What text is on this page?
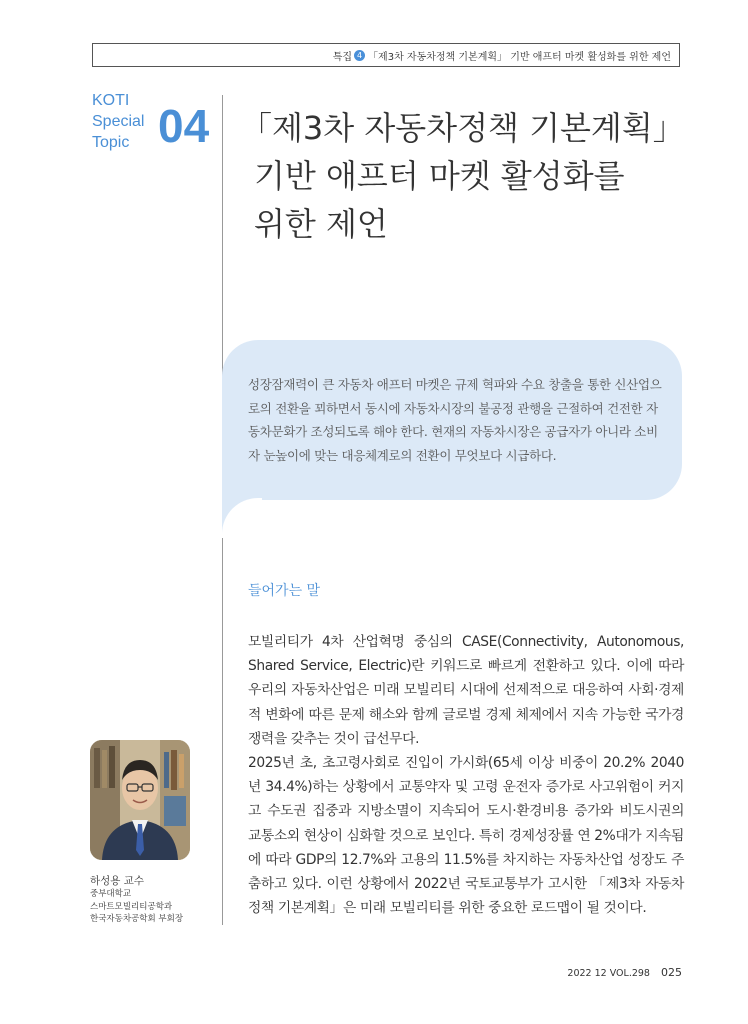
특집 4 「제3차 자동차정책 기본계획」 기반 애프터 마켓 활성화를 위한 제언
KOTI
Special
Topic 04 「제3차 자동차정책 기본계획」
기반 애프터 마켓 활성화를
위한 제언
성장잠재력이 큰 자동차 애프터 마켓은 규제 혁파와 수요 창출을 통한 신산업으로의 전환을 꾀하면서 동시에 자동차시장의 불공정 관행을 근절하여 건전한 자동차문화가 조성되도록 해야 한다. 현재의 자동차시장은 공급자가 아니라 소비자 눈높이에 맞는 대응체계로의 전환이 무엇보다 시급하다.
들어가는 말

모빌리티가 4차 산업혁명 중심의 CASE(Connectivity, Autonomous, Shared Service, Electric)란 키워드로 빠르게 전환하고 있다. 이에 따라 우리의 자동차산업은 미래 모빌리티 시대에 선제적으로 대응하여 사회·경제적 변화에 따른 문제 해소와 함께 글로벌 경제 체제에서 지속 가능한 국가경쟁력을 갖추는 것이 급선무다.

2025년 초, 초고령사회로 진입이 가시화(65세 이상 비중이 20.2% 2040년 34.4%)하는 상황에서 교통약자 및 고령 운전자 증가로 사고위험이 커지고 수도권 집중과 지방소멸이 지속되어 도시·환경비용 증가와 비도시권의 교통소외 현상이 심화할 것으로 보인다. 특히 경제성장률 연 2%대가 지속됨에 따라 GDP의 12.7%와 고용의 11.5%를 차지하는 자동차산업 성장도 주춤하고 있다. 이런 상황에서 2022년 국토교통부가 고시한 「제3차 자동차정책 기본계획」은 미래 모빌리티를 위한 중요한 로드맵이 될 것이다.

하성용 교수
중부대학교
스마트모빌리티공학과
한국자동차공학회 부회장
2022 12 VOL.298 025
